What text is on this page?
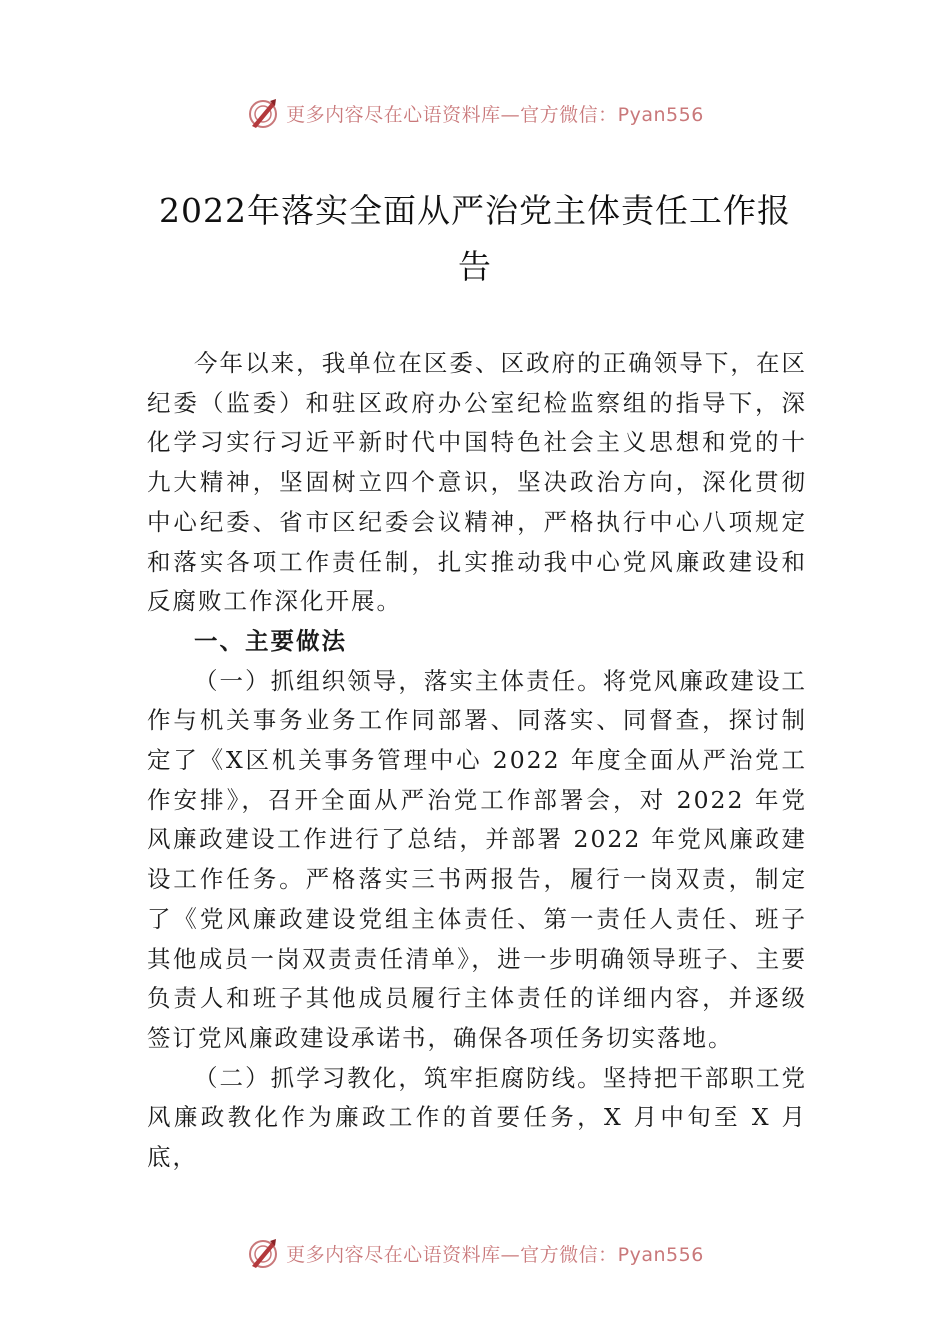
更多内容尽在心语资料库—官方微信：Pyan556
2022年落实全面从严治党主体责任工作报告

今年以来，我单位在区委、区政府的正确领导下，在区纪委（监委）和驻区政府办公室纪检监察组的指导下，深化学习实行习近平新时代中国特色社会主义思想和党的十九大精神，坚固树立四个意识，坚决政治方向，深化贯彻中心纪委、省市区纪委会议精神，严格执行中心八项规定和落实各项工作责任制，扎实推动我中心党风廉政建设和反腐败工作深化开展。

一、主要做法

（一）抓组织领导，落实主体责任。将党风廉政建设工作与机关事务业务工作同部署、同落实、同督查，探讨制定了《X区机关事务管理中心 2022 年度全面从严治党工作安排》，召开全面从严治党工作部署会，对 2022 年党风廉政建设工作进行了总结，并部署 2022 年党风廉政建设工作任务。严格落实三书两报告，履行一岗双责，制定了《党风廉政建设党组主体责任、第一责任人责任、班子其他成员一岗双责责任清单》，进一步明确领导班子、主要负责人和班子其他成员履行主体责任的详细内容，并逐级签订党风廉政建设承诺书，确保各项任务切实落地。

（二）抓学习教化，筑牢拒腐防线。坚持把干部职工党风廉政教化作为廉政工作的首要任务，X 月中旬至 X 月底，

更多内容尽在心语资料库—官方微信：Pyan556
